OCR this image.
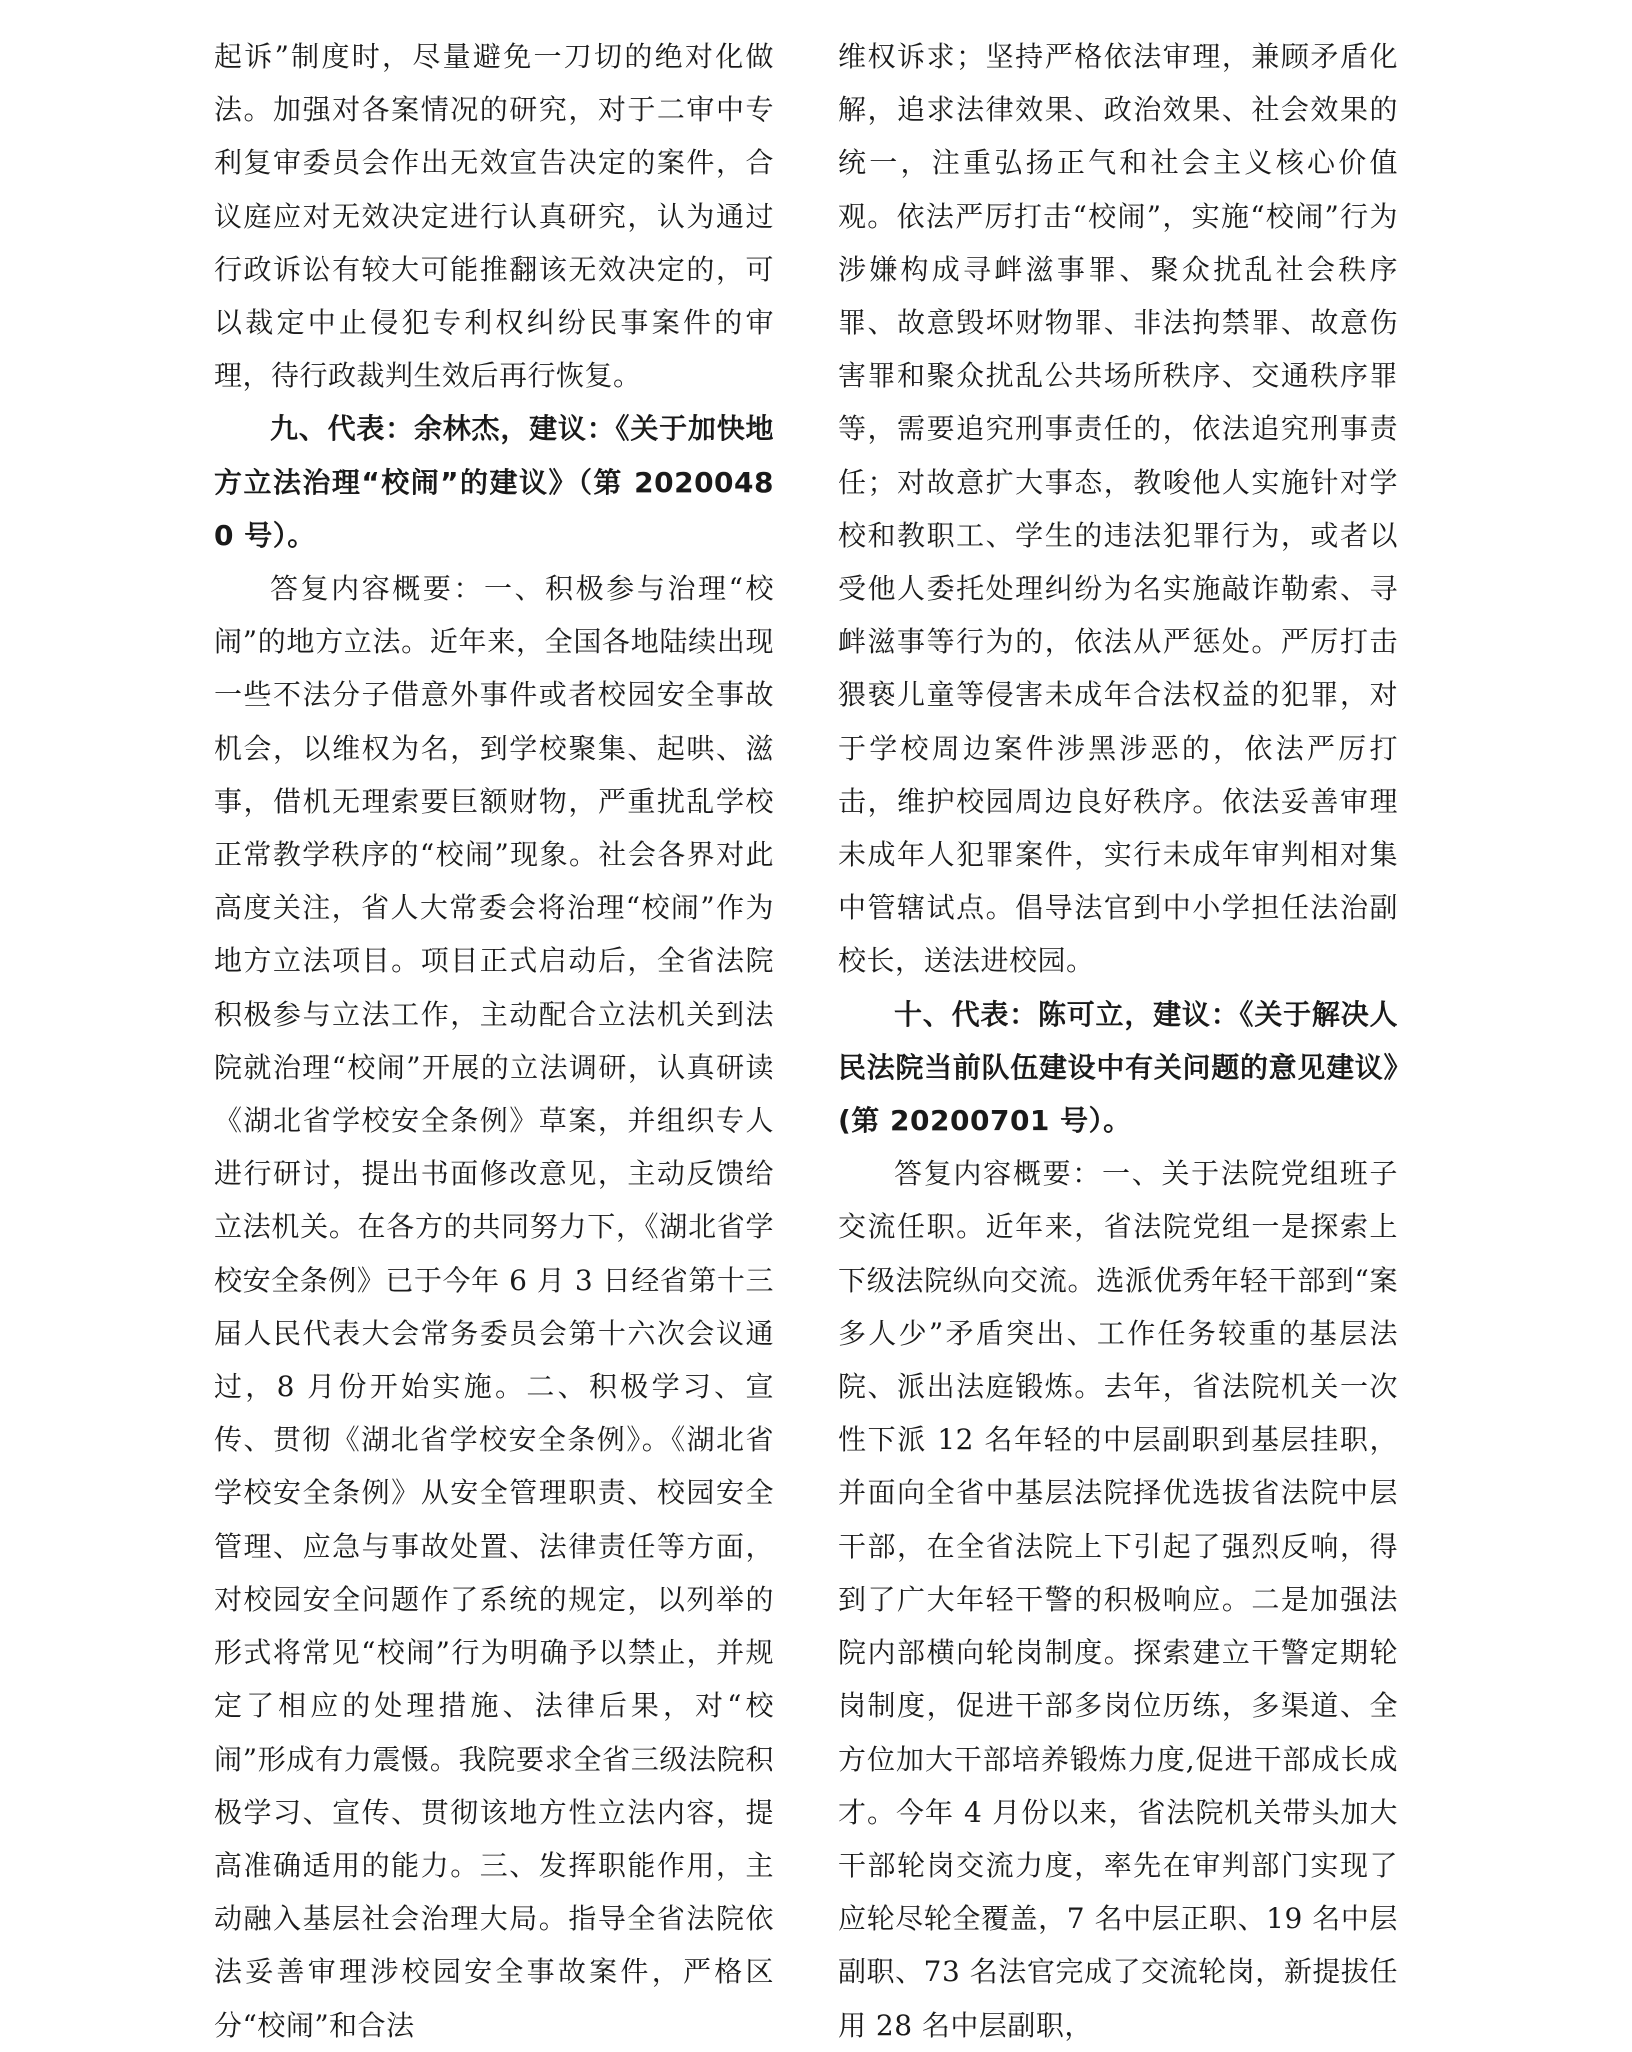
起诉”制度时，尽量避免一刀切的绝对化做法。加强对各案情况的研究，对于二审中专利复审委员会作出无效宣告决定的案件，合议庭应对无效决定进行认真研究，认为通过行政诉讼有较大可能推翻该无效决定的，可以裁定中止侵犯专利权纠纷民事案件的审理，待行政裁判生效后再行恢复。

九、代表：余林杰，建议：《关于加快地方立法治理“校闹”的建议》（第 20200480 号）。

答复内容概要：一、积极参与治理“校闹”的地方立法。近年来，全国各地陆续出现一些不法分子借意外事件或者校园安全事故机会，以维权为名，到学校聚集、起哄、滋事，借机无理索要巨额财物，严重扰乱学校正常教学秩序的“校闹”现象。社会各界对此高度关注，省人大常委会将治理“校闹”作为地方立法项目。项目正式启动后，全省法院积极参与立法工作，主动配合立法机关到法院就治理“校闹”开展的立法调研，认真研读《湖北省学校安全条例》草案，并组织专人进行研讨，提出书面修改意见，主动反馈给立法机关。在各方的共同努力下，《湖北省学校安全条例》已于今年 6 月 3 日经省第十三届人民代表大会常务委员会第十六次会议通过，8 月份开始实施。二、积极学习、宣传、贯彻《湖北省学校安全条例》。《湖北省学校安全条例》从安全管理职责、校园安全管理、应急与事故处置、法律责任等方面，对校园安全问题作了系统的规定，以列举的形式将常见“校闹”行为明确予以禁止，并规定了相应的处理措施、法律后果，对“校闹”形成有力震慑。我院要求全省三级法院积极学习、宣传、贯彻该地方性立法内容，提高准确适用的能力。三、发挥职能作用，主动融入基层社会治理大局。指导全省法院依法妥善审理涉校园安全事故案件，严格区分“校闹”和合法

维权诉求；坚持严格依法审理，兼顾矛盾化解，追求法律效果、政治效果、社会效果的统一，注重弘扬正气和社会主义核心价值观。依法严厉打击“校闹”，实施“校闹”行为涉嫌构成寻衅滋事罪、聚众扰乱社会秩序罪、故意毁坏财物罪、非法拘禁罪、故意伤害罪和聚众扰乱公共场所秩序、交通秩序罪等，需要追究刑事责任的，依法追究刑事责任；对故意扩大事态，教唆他人实施针对学校和教职工、学生的违法犯罪行为，或者以受他人委托处理纠纷为名实施敲诈勒索、寻衅滋事等行为的，依法从严惩处。严厉打击猥亵儿童等侵害未成年合法权益的犯罪，对于学校周边案件涉黑涉恶的，依法严厉打击，维护校园周边良好秩序。依法妥善审理未成年人犯罪案件，实行未成年审判相对集中管辖试点。倡导法官到中小学担任法治副校长，送法进校园。

十、代表：陈可立，建议：《关于解决人民法院当前队伍建设中有关问题的意见建议》(第 20200701 号）。

答复内容概要：一、关于法院党组班子交流任职。近年来，省法院党组一是探索上下级法院纵向交流。选派优秀年轻干部到“案多人少”矛盾突出、工作任务较重的基层法院、派出法庭锻炼。去年，省法院机关一次性下派 12 名年轻的中层副职到基层挂职，并面向全省中基层法院择优选拔省法院中层干部，在全省法院上下引起了强烈反响，得到了广大年轻干警的积极响应。二是加强法院内部横向轮岗制度。探索建立干警定期轮岗制度，促进干部多岗位历练，多渠道、全方位加大干部培养锻炼力度,促进干部成长成才。今年 4 月份以来，省法院机关带头加大干部轮岗交流力度，率先在审判部门实现了应轮尽轮全覆盖，7 名中层正职、19 名中层副职、73 名法官完成了交流轮岗，新提拔任用 28 名中层副职，
